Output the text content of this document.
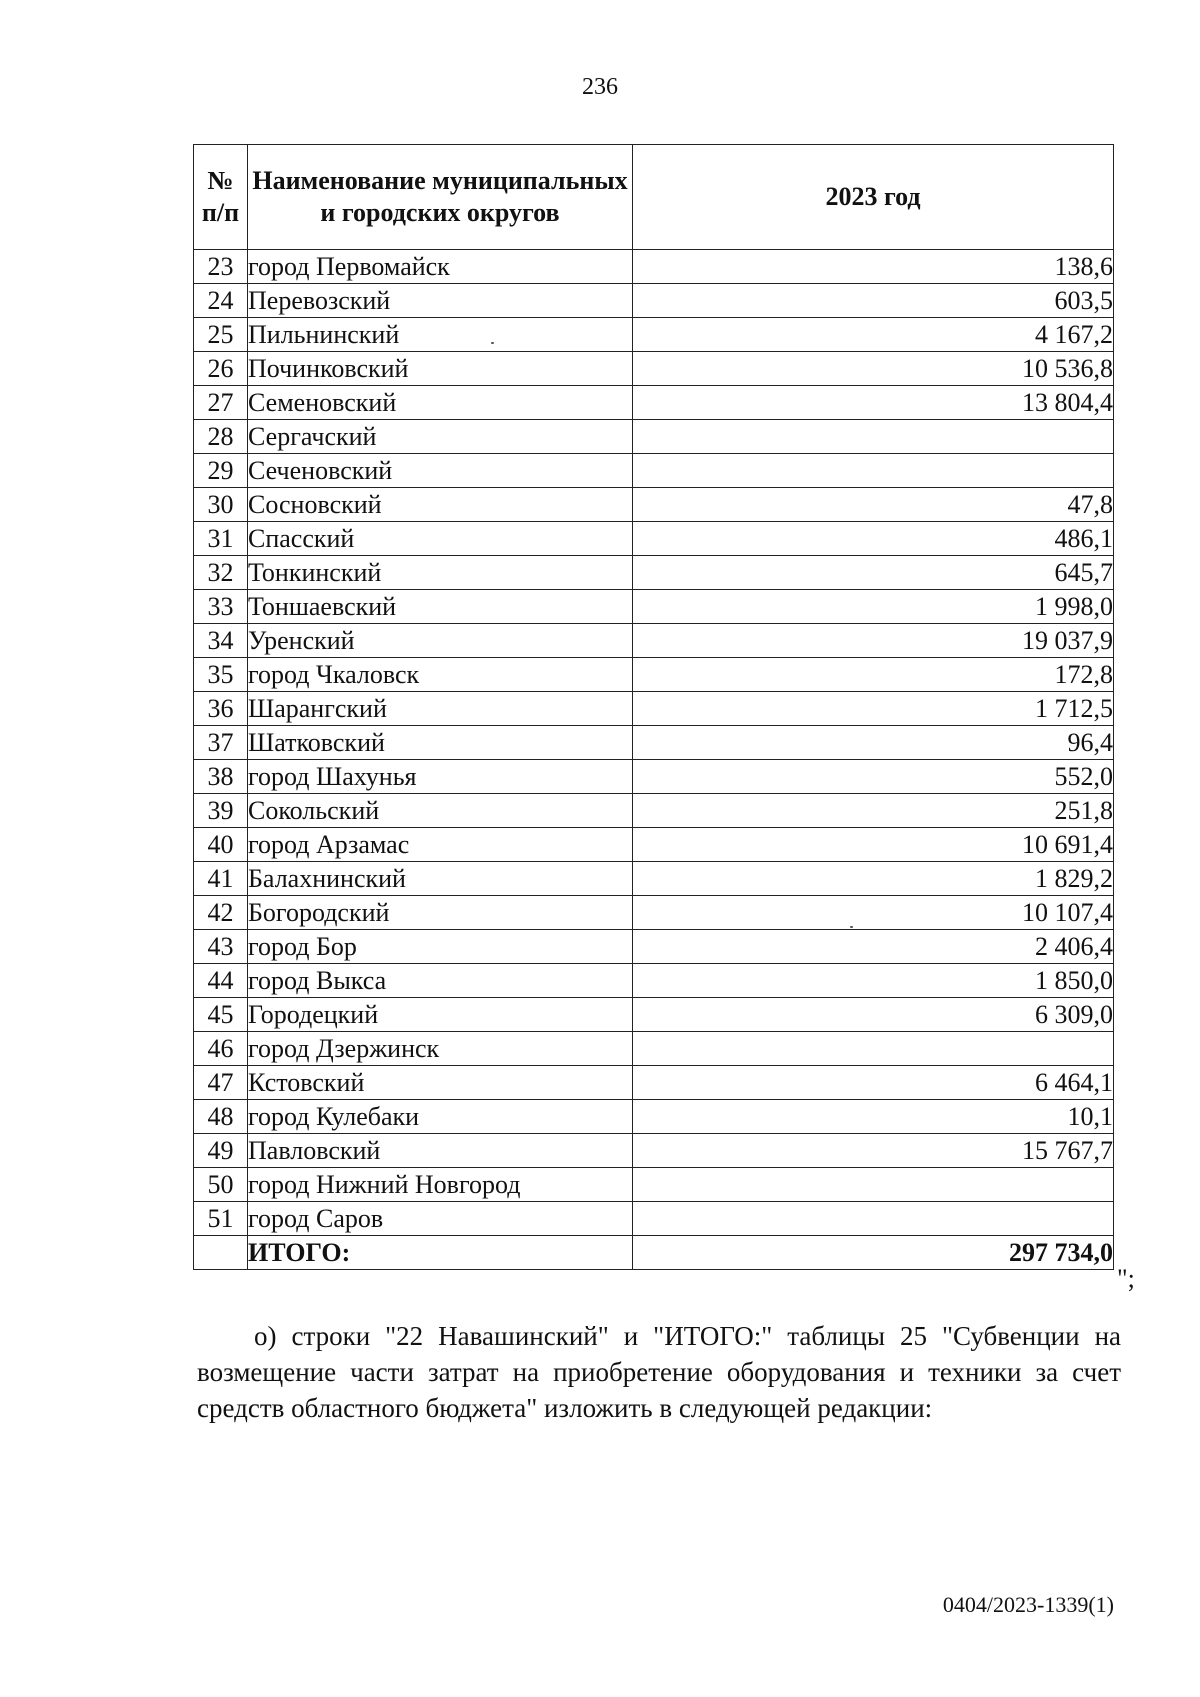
236
№ п/п	Наименование муниципальных и городских округов	2023 год
23	город Первомайск	138,6
24	Перевозский	603,5
25	Пильнинский	4 167,2
26	Починковский	10 536,8
27	Семеновский	13 804,4
28	Сергачский	
29	Сеченовский	
30	Сосновский	47,8
31	Спасский	486,1
32	Тонкинский	645,7
33	Тоншаевский	1 998,0
34	Уренский	19 037,9
35	город Чкаловск	172,8
36	Шарангский	1 712,5
37	Шатковский	96,4
38	город Шахунья	552,0
39	Сокольский	251,8
40	город Арзамас	10 691,4
41	Балахнинский	1 829,2
42	Богородский	10 107,4
43	город Бор	2 406,4
44	город Выкса	1 850,0
45	Городецкий	6 309,0
46	город Дзержинск	
47	Кстовский	6 464,1
48	город Кулебаки	10,1
49	Павловский	15 767,7
50	город Нижний Новгород	
51	город Саров	
	ИТОГО:	297 734,0
";
о) строки "22 Навашинский" и "ИТОГО:" таблицы 25 "Субвенции на возмещение части затрат на приобретение оборудования и техники за счет средств областного бюджета" изложить в следующей редакции:
0404/2023-1339(1)
